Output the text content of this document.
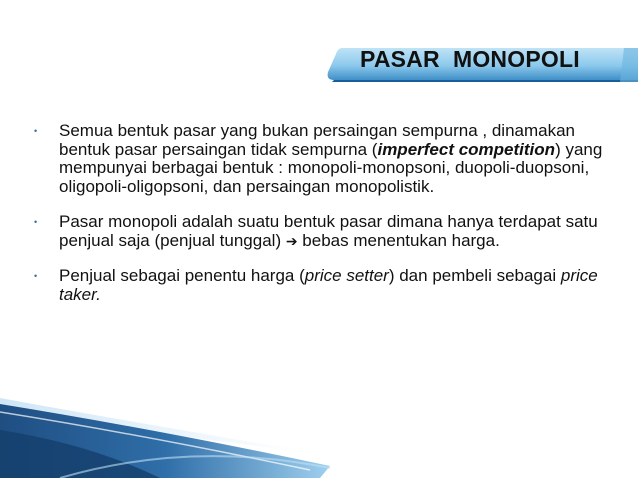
PASAR  MONOPOLI
• Semua bentuk pasar yang bukan persaingan sempurna , dinamakan bentuk pasar persaingan tidak sempurna (imperfect competition) yang mempunyai berbagai bentuk : monopoli-monopsoni, duopoli-duopsoni, oligopoli-oligopsoni, dan persaingan monopolistik.
• Pasar monopoli adalah suatu bentuk pasar dimana hanya terdapat satu penjual saja (penjual tunggal) ➔ bebas menentukan harga.
• Penjual sebagai penentu harga (price setter) dan pembeli sebagai price taker.
